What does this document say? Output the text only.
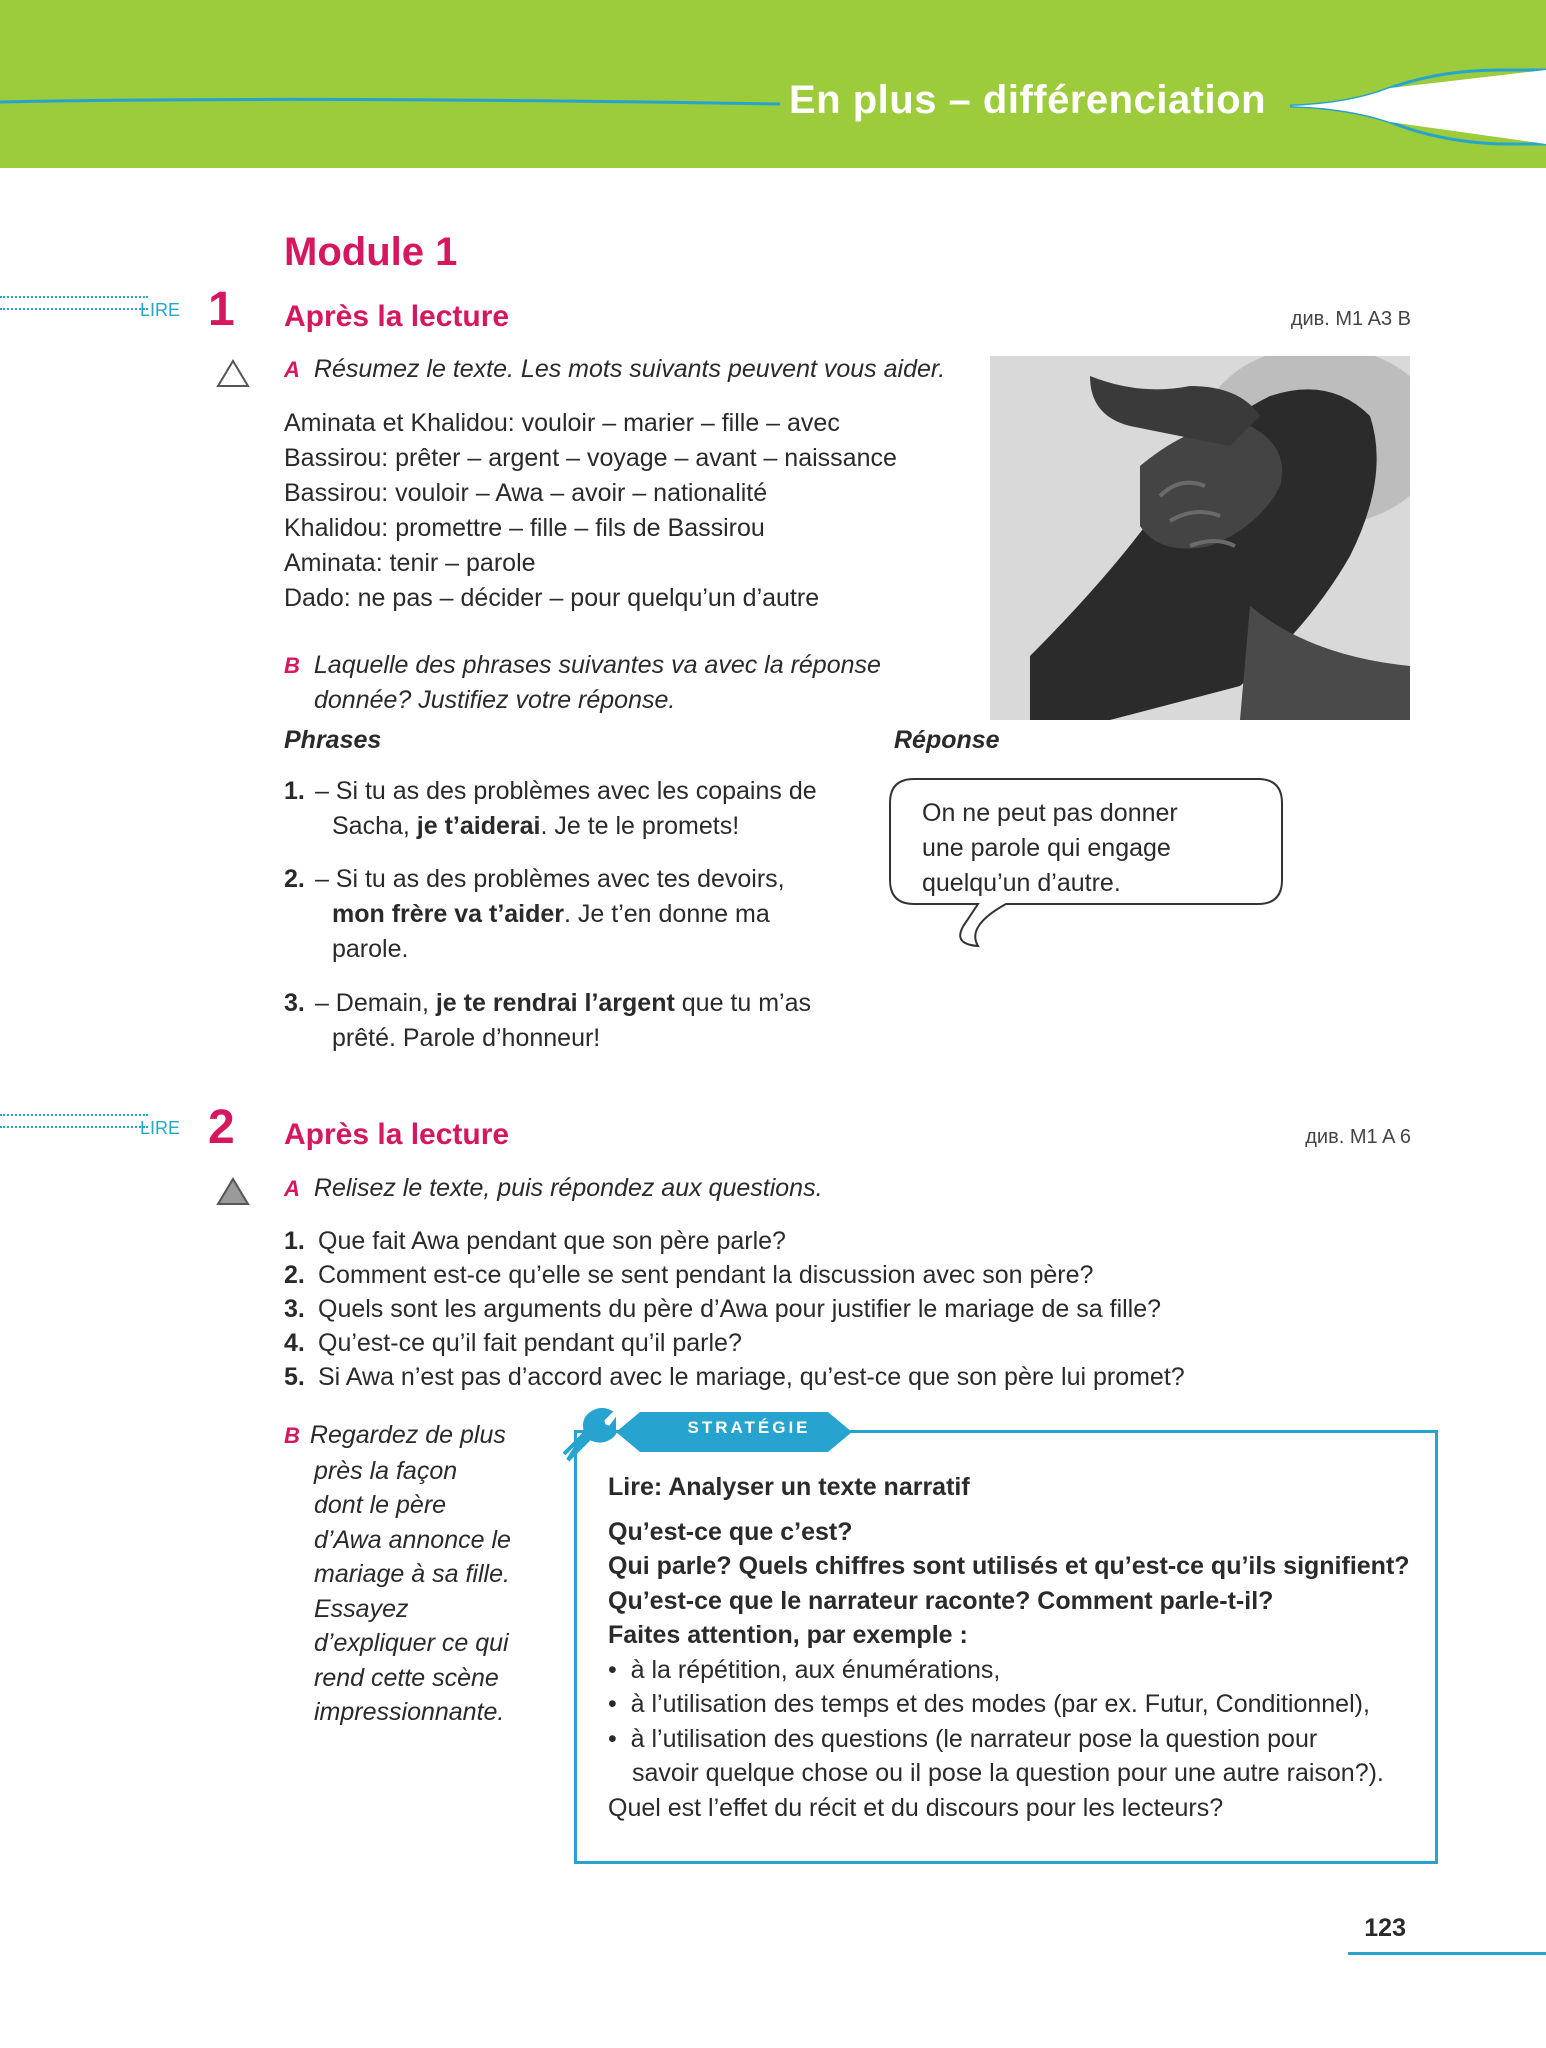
En plus – différenciation
Module 1
LIRE 1 Après la lecture	див. M1 A3 B
A Résumez le texte. Les mots suivants peuvent vous aider.
Aminata et Khalidou: vouloir – marier – fille – avec
Bassirou: prêter – argent – voyage – avant – naissance
Bassirou: vouloir – Awa – avoir – nationalité
Khalidou: promettre – fille – fils de Bassirou
Aminata: tenir – parole
Dado: ne pas – décider – pour quelqu’un d’autre
B Laquelle des phrases suivantes va avec la réponse
donnée? Justifiez votre réponse.
Phrases	Réponse
1. – Si tu as des problèmes avec les copains de
Sacha, je t’aiderai. Je te le promets!
2. – Si tu as des problèmes avec tes devoirs,
mon frère va t’aider. Je t’en donne ma
parole.
3. – Demain, je te rendrai l’argent que tu m’as
prêté. Parole d’honneur!
On ne peut pas donner
une parole qui engage
quelqu’un d’autre.
LIRE 2 Après la lecture	див. M1 A 6
A Relisez le texte, puis répondez aux questions.
1. Que fait Awa pendant que son père parle?
2. Comment est-ce qu’elle se sent pendant la discussion avec son père?
3. Quels sont les arguments du père d’Awa pour justifier le mariage de sa fille?
4. Qu’est-ce qu’il fait pendant qu’il parle?
5. Si Awa n’est pas d’accord avec le mariage, qu’est-ce que son père lui promet?
B Regardez de plus
près la façon
dont le père
d’Awa annonce le
mariage à sa fille.
Essayez
d’expliquer ce qui
rend cette scène
impressionnante.
STRATÉGIE
Lire: Analyser un texte narratif
Qu’est-ce que c’est?
Qui parle? Quels chiffres sont utilisés et qu’est-ce qu’ils signifient?
Qu’est-ce que le narrateur raconte? Comment parle-t-il?
Faites attention, par exemple :
•  à la répétition, aux énumérations,
•  à l’utilisation des temps et des modes (par ex. Futur, Conditionnel),
•  à l’utilisation des questions (le narrateur pose la question pour
savoir quelque chose ou il pose la question pour une autre raison?).
Quel est l’effet du récit et du discours pour les lecteurs?
123
